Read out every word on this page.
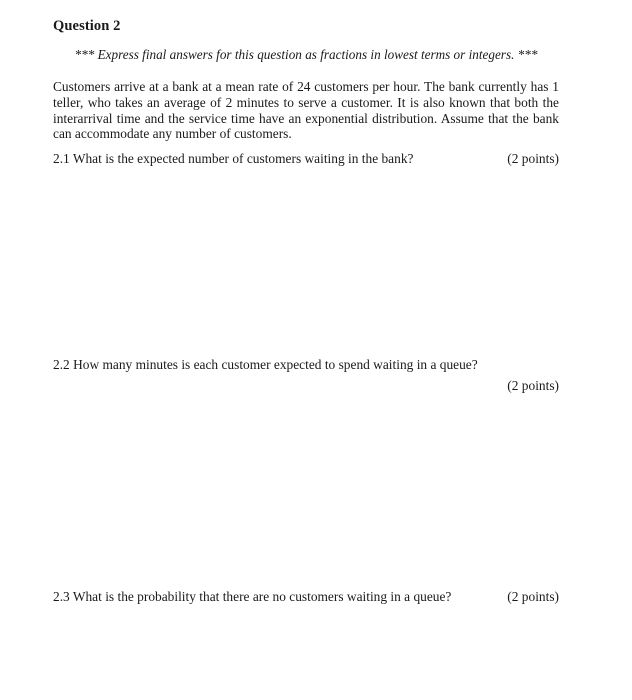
Question 2
*** Express final answers for this question as fractions in lowest terms or integers. ***

Customers arrive at a bank at a mean rate of 24 customers per hour. The bank currently has 1 teller, who takes an average of 2 minutes to serve a customer. It is also known that both the interarrival time and the service time have an exponential distribution. Assume that the bank can accommodate any number of customers.

2.1 What is the expected number of customers waiting in the bank?	(2 points)
2.2 How many minutes is each customer expected to spend waiting in a queue?
(2 points)
2.3 What is the probability that there are no customers waiting in a queue?	(2 points)
